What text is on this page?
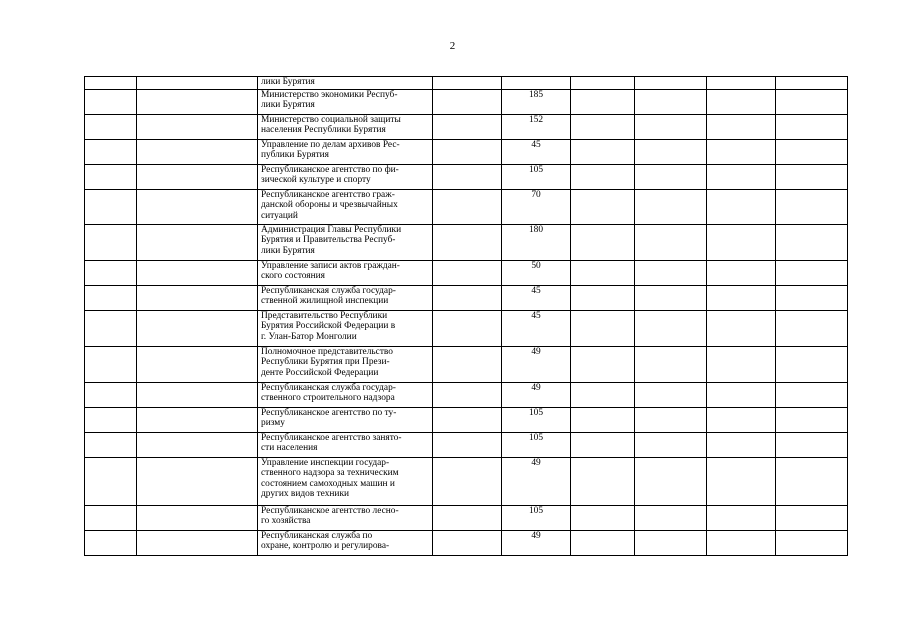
2
		лики Бурятия						
		Министерство экономики Респуб-
лики Бурятия		185				
		Министерство социальной защиты
населения Республики Бурятия		152				
		Управление по делам архивов Рес-
публики Бурятия		45				
		Республиканское агентство по фи-
зической культуре и спорту		105				
		Республиканское агентство граж-
данской обороны и чрезвычайных
ситуаций		70				
		Администрация Главы Республики
Бурятия и Правительства Респуб-
лики Бурятия		180				
		Управление записи актов граждан-
ского состояния		50				
		Республиканская служба государ-
ственной жилищной инспекции		45				
		Представительство Республики
Бурятия Российской Федерации в
г. Улан-Батор Монголии		45				
		Полномочное представительство
Республики Бурятия при Прези-
денте Российской Федерации		49				
		Республиканская служба государ-
ственного строительного надзора		49				
		Республиканское агентство по ту-
ризму		105				
		Республиканское агентство занято-
сти населения		105				
		Управление инспекции государ-
ственного надзора за техническим
состоянием самоходных машин и
других видов техники		49				
		Республиканское агентство лесно-
го хозяйства		105				
		Республиканская служба по
охране, контролю и регулирова-		49				
